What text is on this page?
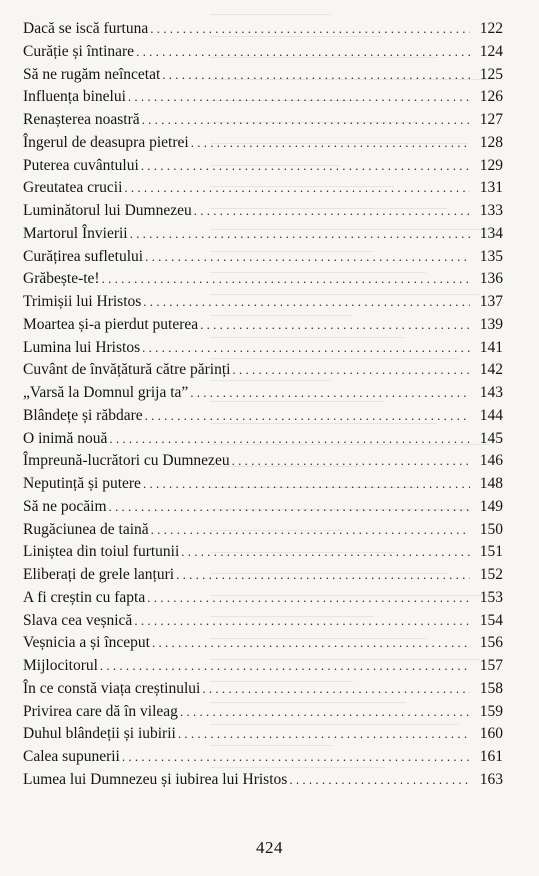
Dacă se iscă furtuna . . .	122
Curăție și întinare . . .	124
Să ne rugăm neîncetat . . .	125
Influența binelui . . .	126
Renașterea noastră . . .	127
Îngerul de deasupra pietrei . . .	128
Puterea cuvântului . . .	129
Greutatea crucii . . .	131
Luminătorul lui Dumnezeu . . .	133
Martorul Învierii . . .	134
Curățirea sufletului . . .	135
Grăbește-te! . . .	136
Trimișii lui Hristos . . .	137
Moartea și-a pierdut puterea . . .	139
Lumina lui Hristos . . .	141
Cuvânt de învățătură către părinți . . .	142
„Varsă la Domnul grija ta” . . .	143
Blândețe și răbdare . . .	144
O inimă nouă . . .	145
Împreună-lucrători cu Dumnezeu . . .	146
Neputință și putere . . .	148
Să ne pocăim . . .	149
Rugăciunea de taină . . .	150
Liniștea din toiul furtunii . . .	151
Eliberați de grele lanțuri . . .	152
A fi creștin cu fapta . . .	153
Slava cea veșnică . . .	154
Veșnicia a și început . . .	156
Mijlocitorul . . .	157
În ce constă viața creștinului . . .	158
Privirea care dă în vileag . . .	159
Duhul blândeții și iubirii . . .	160
Calea supunerii . . .	161
Lumea lui Dumnezeu și iubirea lui Hristos . . .	163
424
